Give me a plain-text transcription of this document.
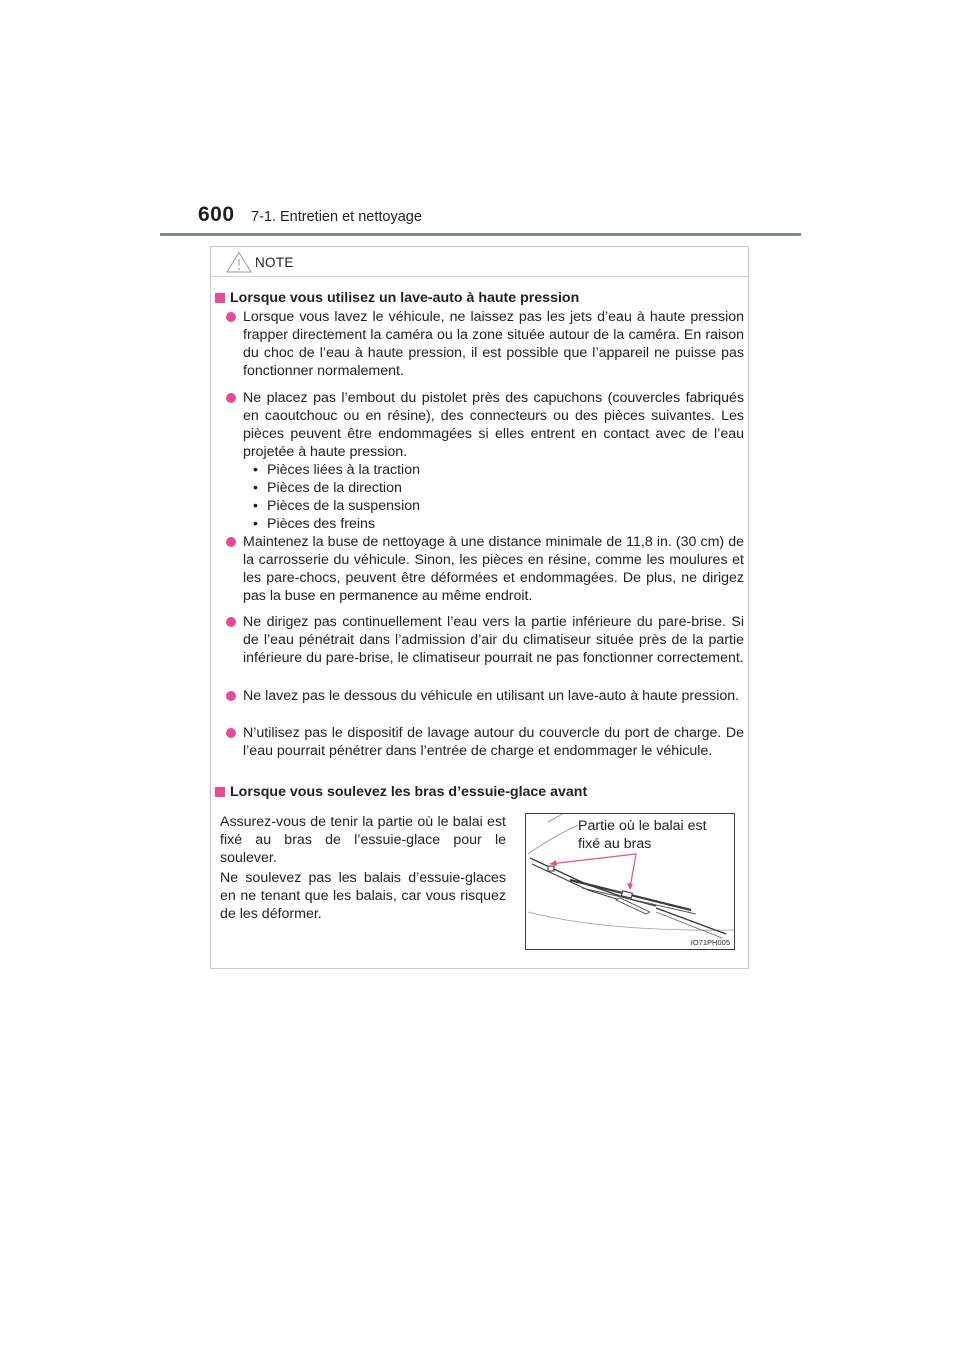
600 7-1. Entretien et nettoyage
NOTE
Lorsque vous utilisez un lave-auto à haute pression
Lorsque vous lavez le véhicule, ne laissez pas les jets d’eau à haute pression frapper directement la caméra ou la zone située autour de la caméra. En raison du choc de l’eau à haute pression, il est possible que l’appareil ne puisse pas fonctionner normalement.
Ne placez pas l’embout du pistolet près des capuchons (couvercles fabriqués en caoutchouc ou en résine), des connecteurs ou des pièces suivantes. Les pièces peuvent être endommagées si elles entrent en contact avec de l’eau projetée à haute pression.
• Pièces liées à la traction
• Pièces de la direction
• Pièces de la suspension
• Pièces des freins
Maintenez la buse de nettoyage à une distance minimale de 11,8 in. (30 cm) de la carrosserie du véhicule. Sinon, les pièces en résine, comme les moulures et les pare-chocs, peuvent être déformées et endommagées. De plus, ne dirigez pas la buse en permanence au même endroit.
Ne dirigez pas continuellement l’eau vers la partie inférieure du pare-brise. Si de l’eau pénétrait dans l’admission d’air du climatiseur située près de la partie inférieure du pare-brise, le climatiseur pourrait ne pas fonctionner correctement.
Ne lavez pas le dessous du véhicule en utilisant un lave-auto à haute pression.
N’utilisez pas le dispositif de lavage autour du couvercle du port de charge. De l’eau pourrait pénétrer dans l’entrée de charge et endommager le véhicule.
Lorsque vous soulevez les bras d’essuie-glace avant
Assurez-vous de tenir la partie où le balai est fixé au bras de l’essuie-glace pour le soulever.
Ne soulevez pas les balais d’essuie-glaces en ne tenant que les balais, car vous risquez de les déformer.
Partie où le balai est
fixé au bras
IO71PH005
